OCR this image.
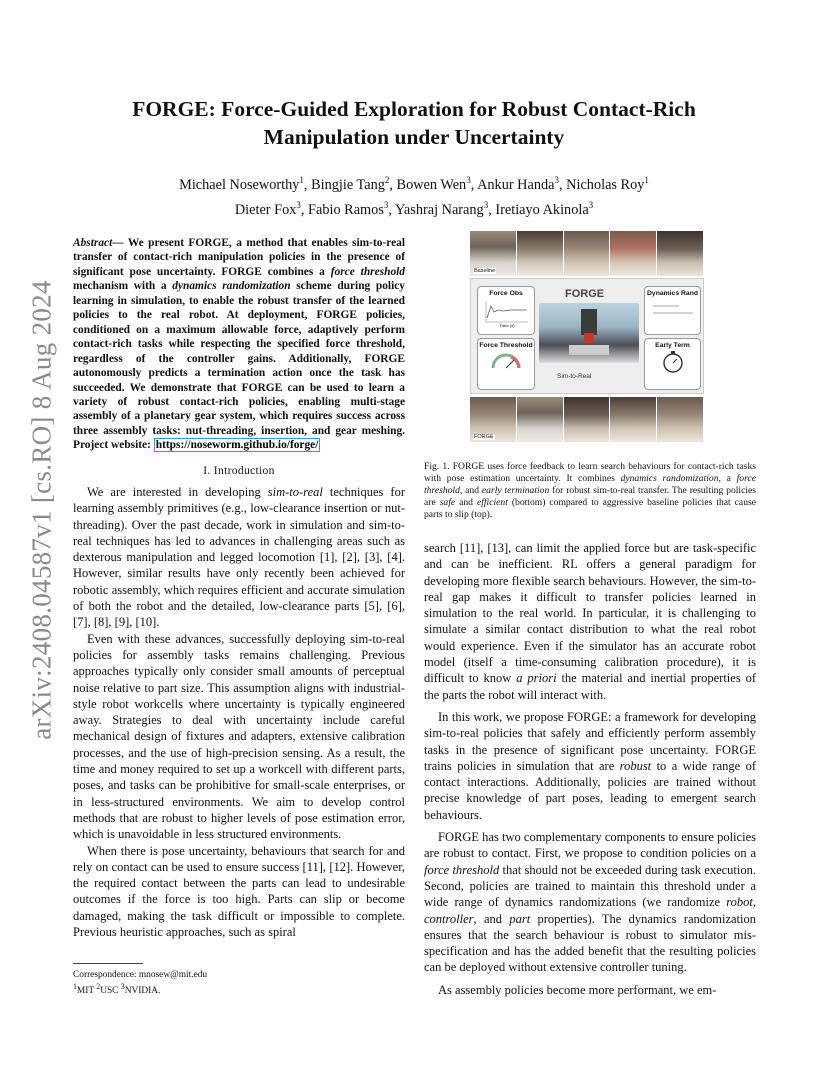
arXiv:2408.04587v1 [cs.RO] 8 Aug 2024
FORGE: Force-Guided Exploration for Robust Contact-Rich
Manipulation under Uncertainty
Michael Noseworthy$^1$, Bingjie Tang$^2$, Bowen Wen$^3$, Ankur Handa$^3$, Nicholas Roy$^1$
Dieter Fox$^3$, Fabio Ramos$^3$, Yashraj Narang$^3$, Iretiayo Akinola$^3$
Abstract— We present FORGE, a method that enables sim-to-real transfer of contact-rich manipulation policies in the presence of significant pose uncertainty. FORGE combines a force threshold mechanism with a dynamics randomization scheme during policy learning in simulation, to enable the robust transfer of the learned policies to the real robot. At deployment, FORGE policies, conditioned on a maximum allowable force, adaptively perform contact-rich tasks while respecting the specified force threshold, regardless of the controller gains. Additionally, FORGE autonomously predicts a termination action once the task has succeeded. We demonstrate that FORGE can be used to learn a variety of robust contact-rich policies, enabling multi-stage assembly of a planetary gear system, which requires success across three assembly tasks: nut-threading, insertion, and gear meshing. Project website: https://noseworm.github.io/forge/
I. Introduction

We are interested in developing sim-to-real techniques for learning assembly primitives (e.g., low-clearance insertion or nut-threading). Over the past decade, work in simulation and sim-to-real techniques has led to advances in challenging areas such as dexterous manipulation and legged locomotion [1], [2], [3], [4]. However, similar results have only recently been achieved for robotic assembly, which requires efficient and accurate simulation of both the robot and the detailed, low-clearance parts [5], [6], [7], [8], [9], [10].

Even with these advances, successfully deploying sim-to-real policies for assembly tasks remains challenging. Previous approaches typically only consider small amounts of perceptual noise relative to part size. This assumption aligns with industrial-style robot workcells where uncertainty is typically engineered away. Strategies to deal with uncertainty include careful mechanical design of fixtures and adapters, extensive calibration processes, and the use of high-precision sensing. As a result, the time and money required to set up a workcell with different parts, poses, and tasks can be prohibitive for small-scale enterprises, or in less-structured environments. We aim to develop control methods that are robust to higher levels of pose estimation error, which is unavoidable in less structured environments.

When there is pose uncertainty, behaviours that search for and rely on contact can be used to ensure success [11], [12]. However, the required contact between the parts can lead to undesirable outcomes if the force is too high. Parts can slip or become damaged, making the task difficult or impossible to complete. Previous heuristic approaches, such as spiral

Correspondence: mnosew@mit.edu
$^1$MIT $^2$USC $^3$NVIDIA.
Baseline
Force Obs
Time (s)
Force Threshold
FORGE
Sim-to-Real
Dynamics Rand
Early Term
FORGE
Fig. 1. FORGE uses force feedback to learn search behaviours for contact-rich tasks with pose estimation uncertainty. It combines dynamics randomization, a force threshold, and early termination for robust sim-to-real transfer. The resulting policies are safe and efficient (bottom) compared to aggressive baseline policies that cause parts to slip (top).

search [11], [13], can limit the applied force but are task-specific and can be inefficient. RL offers a general paradigm for developing more flexible search behaviours. However, the sim-to-real gap makes it difficult to transfer policies learned in simulation to the real world. In particular, it is challenging to simulate a similar contact distribution to what the real robot would experience. Even if the simulator has an accurate robot model (itself a time-consuming calibration procedure), it is difficult to know a priori the material and inertial properties of the parts the robot will interact with.

In this work, we propose FORGE: a framework for developing sim-to-real policies that safely and efficiently perform assembly tasks in the presence of significant pose uncertainty. FORGE trains policies in simulation that are robust to a wide range of contact interactions. Additionally, policies are trained without precise knowledge of part poses, leading to emergent search behaviours.

FORGE has two complementary components to ensure policies are robust to contact. First, we propose to condition policies on a force threshold that should not be exceeded during task execution. Second, policies are trained to maintain this threshold under a wide range of dynamics randomizations (we randomize robot, controller, and part properties). The dynamics randomization ensures that the search behaviour is robust to simulator mis-specification and has the added benefit that the resulting policies can be deployed without extensive controller tuning.

As assembly policies become more performant, we em-
